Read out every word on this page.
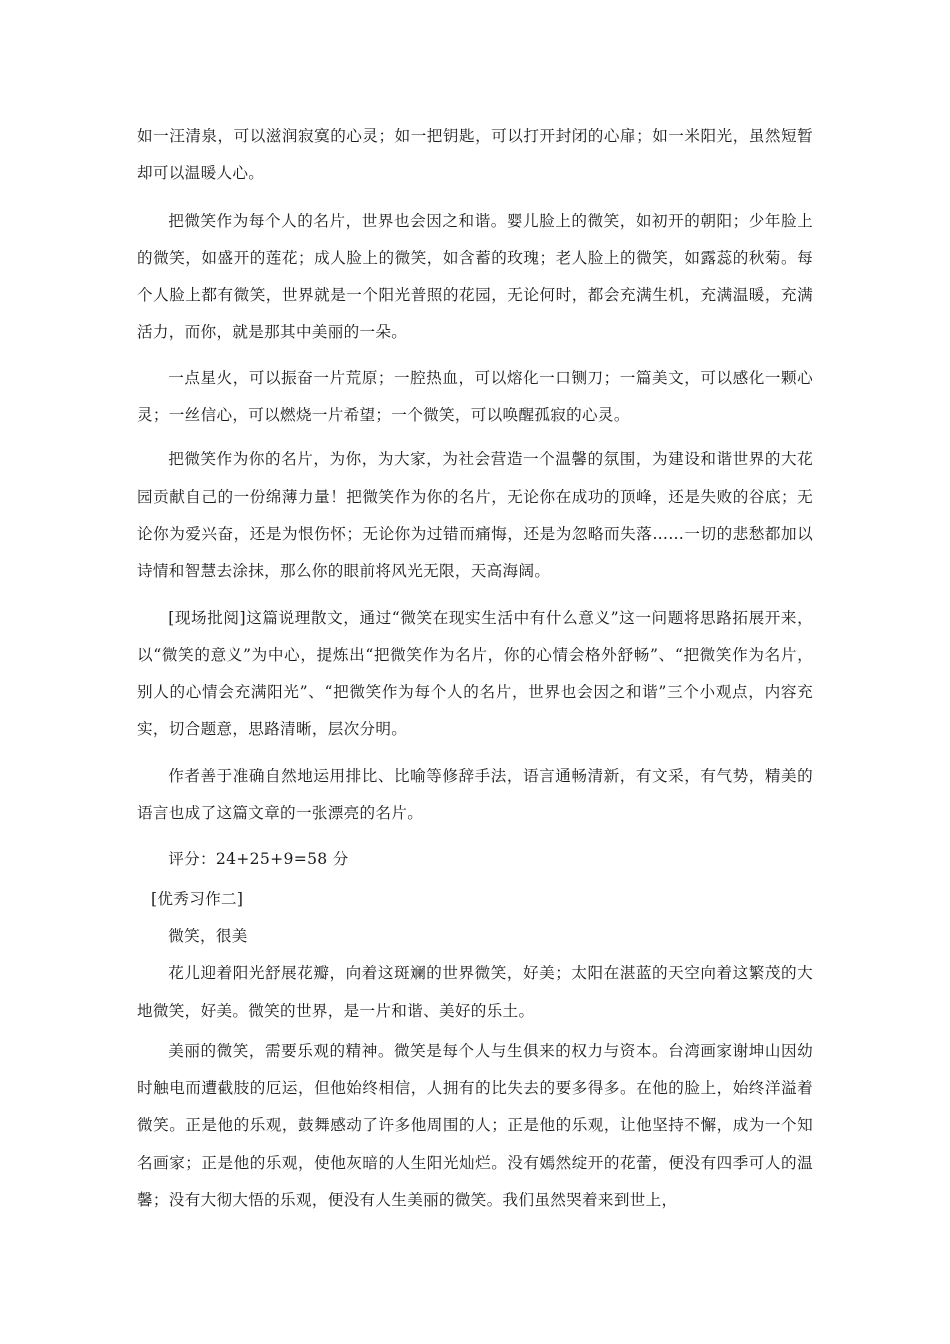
如一汪清泉，可以滋润寂寞的心灵；如一把钥匙，可以打开封闭的心扉；如一米阳光，虽然短暂却可以温暖人心。

把微笑作为每个人的名片，世界也会因之和谐。婴儿脸上的微笑，如初开的朝阳；少年脸上的微笑，如盛开的莲花；成人脸上的微笑，如含蓄的玫瑰；老人脸上的微笑，如露蕊的秋菊。每个人脸上都有微笑，世界就是一个阳光普照的花园，无论何时，都会充满生机，充满温暖，充满活力，而你，就是那其中美丽的一朵。

一点星火，可以振奋一片荒原；一腔热血，可以熔化一口铡刀；一篇美文，可以感化一颗心灵；一丝信心，可以燃烧一片希望；一个微笑，可以唤醒孤寂的心灵。

把微笑作为你的名片，为你，为大家，为社会营造一个温馨的氛围，为建设和谐世界的大花园贡献自己的一份绵薄力量！把微笑作为你的名片，无论你在成功的顶峰，还是失败的谷底；无论你为爱兴奋，还是为恨伤怀；无论你为过错而痛悔，还是为忽略而失落……一切的悲愁都加以诗情和智慧去涂抹，那么你的眼前将风光无限，天高海阔。

[现场批阅]这篇说理散文，通过“微笑在现实生活中有什么意义”这一问题将思路拓展开来，以“微笑的意义”为中心，提炼出“把微笑作为名片，你的心情会格外舒畅”、“把微笑作为名片，别人的心情会充满阳光”、“把微笑作为每个人的名片，世界也会因之和谐”三个小观点，内容充实，切合题意，思路清晰，层次分明。

作者善于准确自然地运用排比、比喻等修辞手法，语言通畅清新，有文采，有气势，精美的语言也成了这篇文章的一张漂亮的名片。

评分：24+25+9=58 分

[优秀习作二]

微笑，很美

花儿迎着阳光舒展花瓣，向着这斑斓的世界微笑，好美；太阳在湛蓝的天空向着这繁茂的大地微笑，好美。微笑的世界，是一片和谐、美好的乐土。

美丽的微笑，需要乐观的精神。微笑是每个人与生俱来的权力与资本。台湾画家谢坤山因幼时触电而遭截肢的厄运，但他始终相信，人拥有的比失去的要多得多。在他的脸上，始终洋溢着微笑。正是他的乐观，鼓舞感动了许多他周围的人；正是他的乐观，让他坚持不懈，成为一个知名画家；正是他的乐观，使他灰暗的人生阳光灿烂。没有嫣然绽开的花蕾，便没有四季可人的温馨；没有大彻大悟的乐观，便没有人生美丽的微笑。我们虽然哭着来到世上，
